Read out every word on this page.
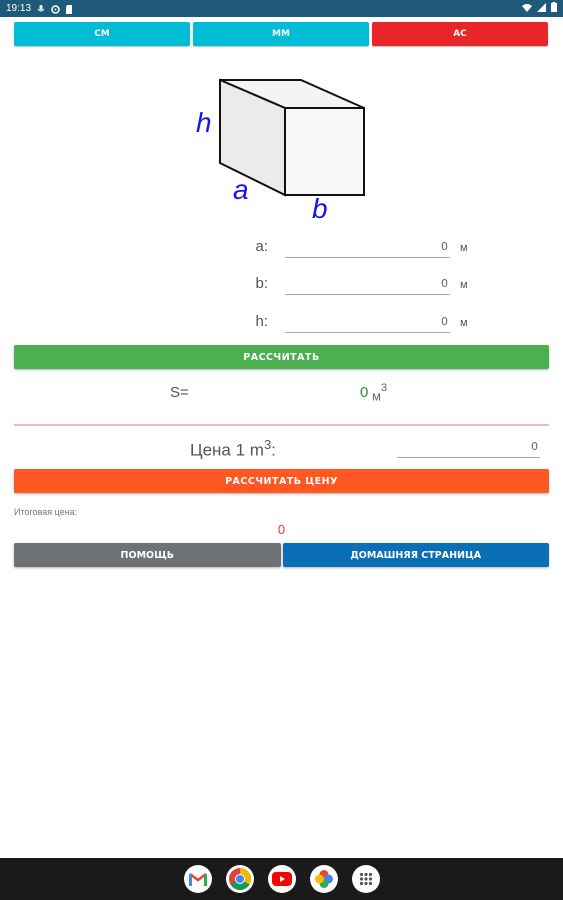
19:13
СМ	ММ	АС
h
a
b
a:	0 м
b:	0 м
h:	0 м
РАССЧИТАТЬ
S=	0 $м^3$
Цена 1 $m^3$:	0
РАССЧИТАТЬ ЦЕНУ
Итоговая цена:
0
ПОМОЩЬ	ДОМАШНЯЯ СТРАНИЦА
